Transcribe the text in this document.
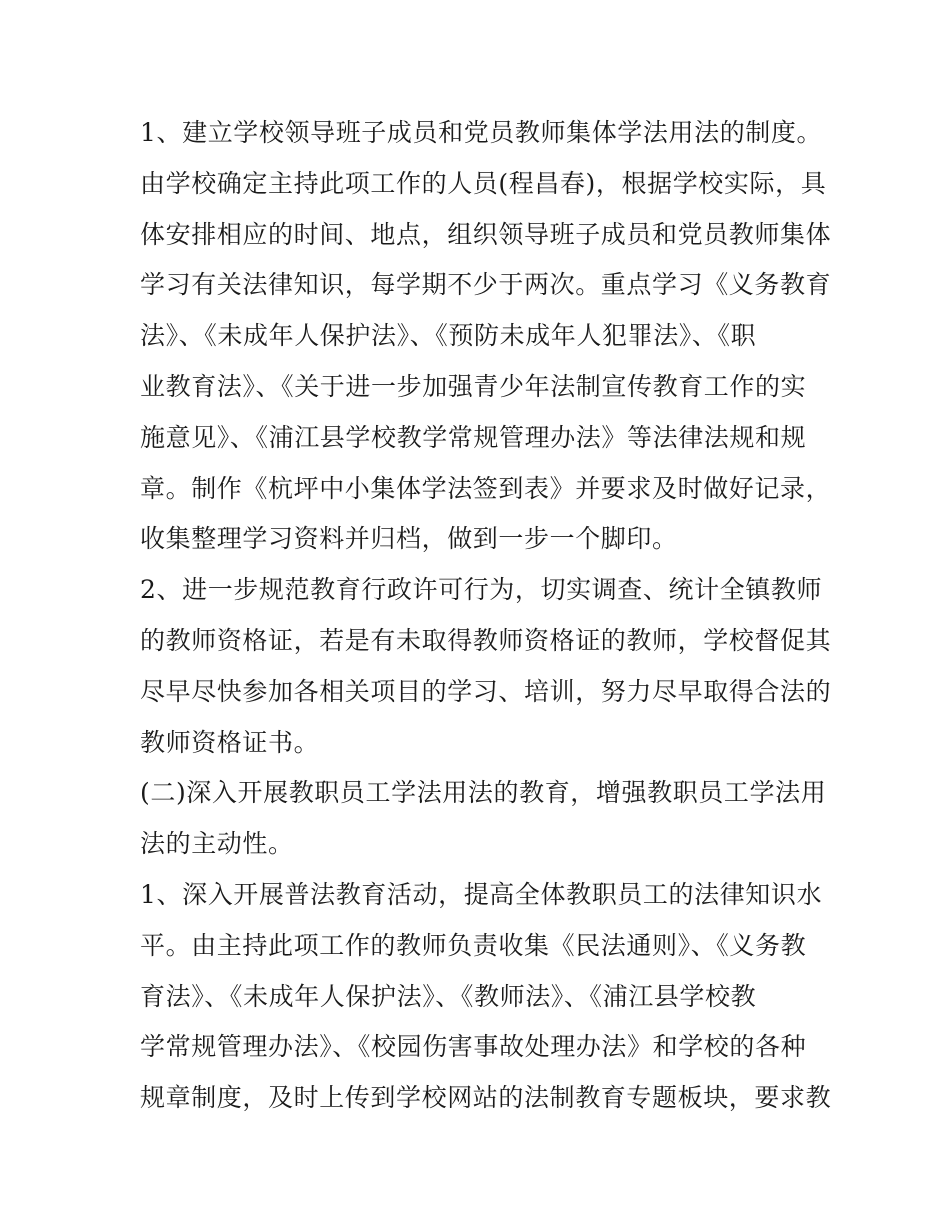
1、建立学校领导班子成员和党员教师集体学法用法的制度。
由学校确定主持此项工作的人员(程昌春)，根据学校实际，具
体安排相应的时间、地点，组织领导班子成员和党员教师集体
学习有关法律知识，每学期不少于两次。重点学习《义务教育
法》、《未成年人保护法》、《预防未成年人犯罪法》、《职
业教育法》、《关于进一步加强青少年法制宣传教育工作的实
施意见》、《浦江县学校教学常规管理办法》等法律法规和规
章。制作《杭坪中小集体学法签到表》并要求及时做好记录，
收集整理学习资料并归档，做到一步一个脚印。
2、进一步规范教育行政许可行为，切实调查、统计全镇教师
的教师资格证，若是有未取得教师资格证的教师，学校督促其
尽早尽快参加各相关项目的学习、培训，努力尽早取得合法的
教师资格证书。
(二)深入开展教职员工学法用法的教育，增强教职员工学法用
法的主动性。
1、深入开展普法教育活动，提高全体教职员工的法律知识水
平。由主持此项工作的教师负责收集《民法通则》、《义务教
育法》、《未成年人保护法》、《教师法》、《浦江县学校教
学常规管理办法》、《校园伤害事故处理办法》和学校的各种
规章制度，及时上传到学校网站的法制教育专题板块，要求教
